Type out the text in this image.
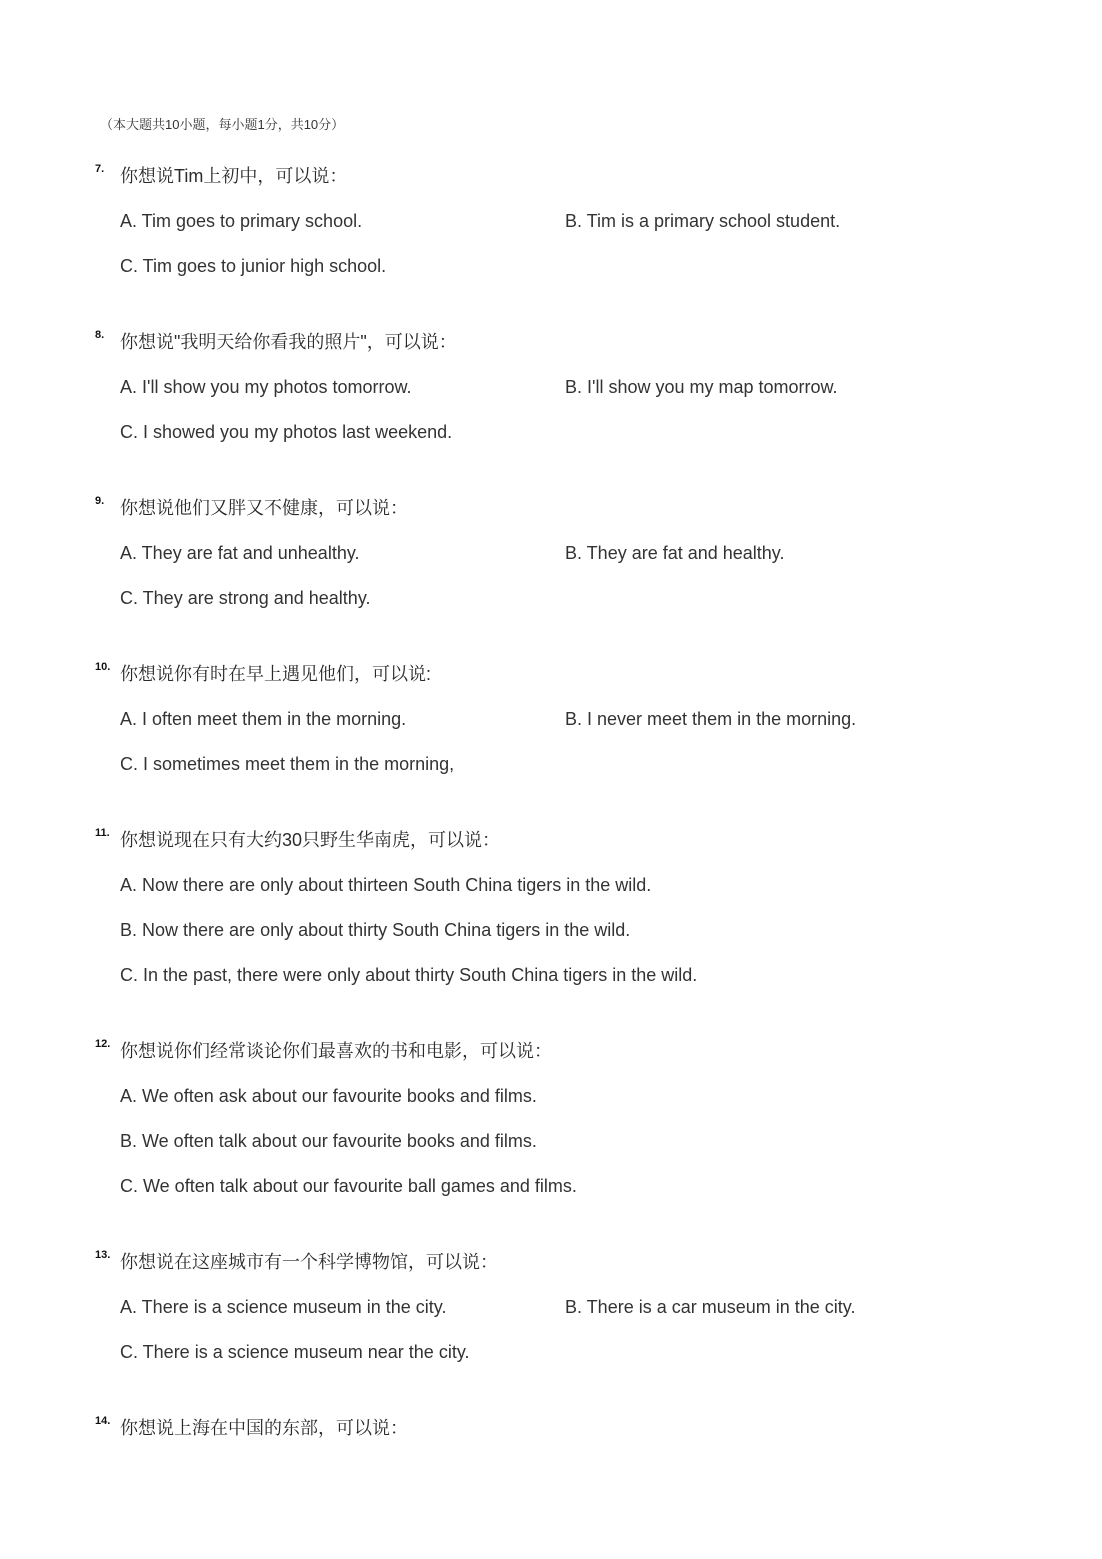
（本大题共10小题，每小题1分，共10分）
7. 你想说Tim上初中，可以说：
A. Tim goes to primary school.	B. Tim is a primary school student.
C. Tim goes to junior high school.
8. 你想说"我明天给你看我的照片"，可以说：
A. I'll show you my photos tomorrow.	B. I'll show you my map tomorrow.
C. I showed you my photos last weekend.
9. 你想说他们又胖又不健康，可以说：
A. They are fat and unhealthy.	B. They are fat and healthy.
C. They are strong and healthy.
10. 你想说你有时在早上遇见他们，可以说:
A. I often meet them in the morning.	B. I never meet them in the morning.
C. I sometimes meet them in the morning,
11. 你想说现在只有大约30只野生华南虎，可以说：
A. Now there are only about thirteen South China tigers in the wild.
B. Now there are only about thirty South China tigers in the wild.
C. In the past, there were only about thirty South China tigers in the wild.
12. 你想说你们经常谈论你们最喜欢的书和电影，可以说：
A. We often ask about our favourite books and films.
B. We often talk about our favourite books and films.
C. We often talk about our favourite ball games and films.
13. 你想说在这座城市有一个科学博物馆，可以说：
A. There is a science museum in the city.	B. There is a car museum in the city.
C. There is a science museum near the city.
14. 你想说上海在中国的东部，可以说：
